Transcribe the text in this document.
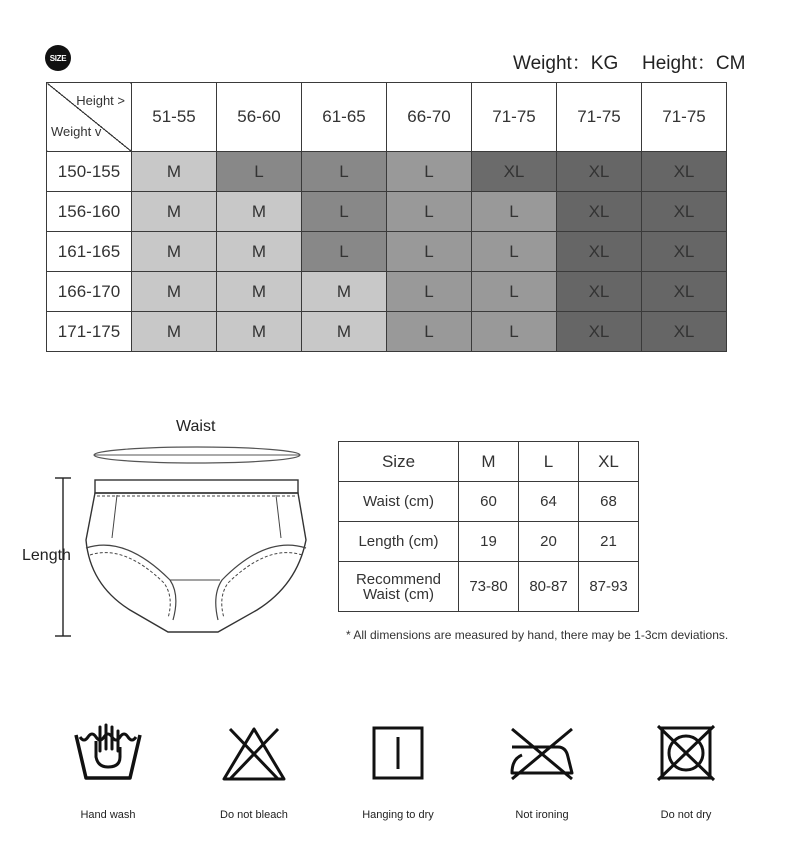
SIZE	Weight：KG Height：CM
Height >
Weight v	51-55	56-60	61-65	66-70	71-75	71-75	71-75
150-155	M	L	L	L	XL	XL	XL
156-160	M	M	L	L	L	XL	XL
161-165	M	M	L	L	L	XL	XL
166-170	M	M	M	L	L	XL	XL
171-175	M	M	M	L	L	XL	XL
Waist
Length
Size	M	L	XL
Waist (cm)	60	64	68
Length (cm)	19	20	21

Recommend
Waist (cm)	73-80	80-87	87-93
* All dimensions are measured by hand, there may be 1-3cm deviations.
Hand wash	Do not bleach	Hanging to dry	Not ironing	Do not dry
